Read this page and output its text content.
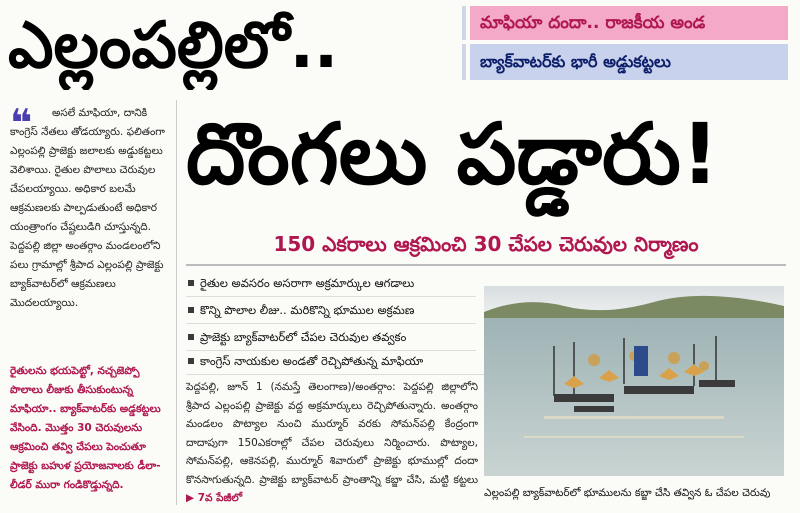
ఎల్లంపల్లిలో..	మాఫియా దందా.. రాజకీయ అండ
బ్యాక్‌వాటర్‌కు భారీ అడ్డుకట్టలు
దొంగలు పడ్డారు!
150 ఎకరాలు ఆక్రమించి 30 చేపల చెరువుల నిర్మాణం
❝	అసలే మాఫియా, దానికి కాంగ్రెస్ నేతలు తోడయ్యారు. ఫలితంగా ఎల్లంపల్లి ప్రాజెక్టు జలాలకు అడ్డుకట్టలు వెలిశాయి. రైతుల పొలాలు చెరువుల చేపలయ్యాయి. అధికార బలమే ఆక్రమణలకు పాల్పడుతుంటే అధికార యంత్రాంగం చేష్టలుడిగి చూస్తున్నది. పెద్దపల్లి జిల్లా అంతర్గాం మండలంలోని పలు గ్రామాల్లో శ్రీపాద ఎల్లంపల్లి ప్రాజెక్టు బ్యాక్‌వాటర్‌లో ఆక్రమణలు మొదలయ్యాయి.
రైతులను భయపెట్టో, నచ్చజెప్పో పొలాలు లీజుకు తీసుకుంటున్న మాఫియా.. బ్యాక్‌వాటర్‌కు అడ్డకట్టలు వేసింది. మొత్తం 30 చెరువులను ఆక్రమించి తవ్వి చేపలు పెంచుతూ ప్రాజెక్టు బహుళ ప్రయోజనాలకు డీలా-లీడర్ మురా గండికొడ్తున్నది.
రైతుల అవసరం అసరాగా అక్రమార్కుల ఆగడాలు
కొన్ని పొలాల లీజు.. మరికొన్ని భూముల అక్రమణ
ప్రాజెక్టు బ్యాక్‌వాటర్‌లో చేపల చెరువుల తవ్వకం
కాంగ్రెస్ నాయకుల అండతో రెచ్చిపోతున్న మాఫియా
పెద్దపల్లి, జూన్ 1 (నమస్తే తెలంగాణ)/అంతర్గాం: పెద్దపల్లి జిల్లాలోని శ్రీపాద ఎల్లంపల్లి ప్రాజెక్టు వద్ద అక్రమార్కులు రెచ్చిపోతున్నారు. అంతర్గాం మండలం పొట్యాల నుంచి ముర్మూర్ వరకు సోమన్‌పల్లి కేంద్రంగా దాదాపుగా 150ఎకరాల్లో చేపల చెరువులు నిర్మించారు. పొట్యాల, సోమన్‌పల్లి, ఆకెనపల్లి, ముర్మూర్ శివారులో ప్రాజెక్టు భూముల్లో దందా కొనసాగుతున్నది. ప్రాజెక్టు బ్యాక్‌వాటర్ ప్రాంతాన్ని కబ్జా చేసి, మట్టి కట్టలు ▶ 7వ పేజీలో	ఎల్లంపల్లి బ్యాక్‌వాటర్‌లో భూములను కబ్జా చేసి తవ్విన ఓ చేపల చెరువు
